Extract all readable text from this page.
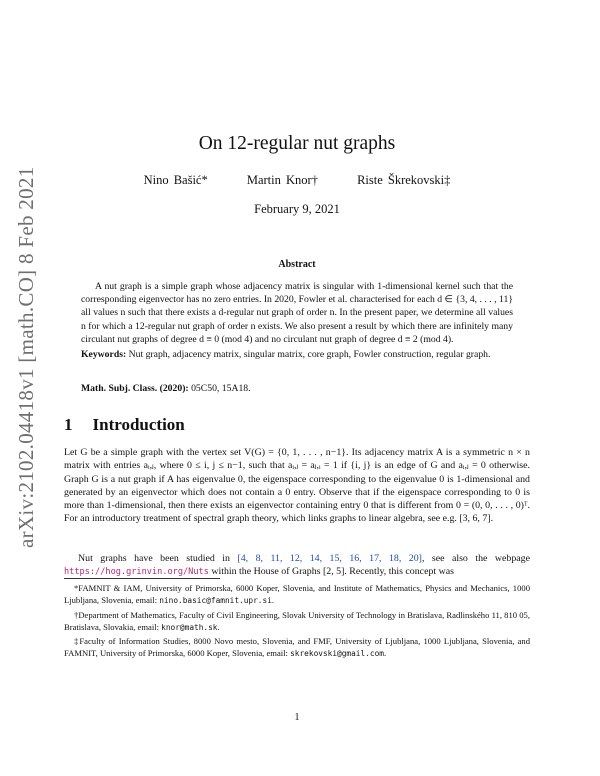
arXiv:2102.04418v1 [math.CO] 8 Feb 2021
On 12-regular nut graphs
Nino Bašić*	Martin Knor†	Riste Škrekovski‡
February 9, 2021
Abstract

A nut graph is a simple graph whose adjacency matrix is singular with 1-dimensional kernel such that the corresponding eigenvector has no zero entries. In 2020, Fowler et al. characterised for each d ∈ {3, 4, . . . , 11} all values n such that there exists a d-regular nut graph of order n. In the present paper, we determine all values n for which a 12-regular nut graph of order n exists. We also present a result by which there are infinitely many circulant nut graphs of degree d ≡ 0 (mod 4) and no circulant nut graph of degree d ≡ 2 (mod 4).

Keywords: Nut graph, adjacency matrix, singular matrix, core graph, Fowler construction, regular graph.

Math. Subj. Class. (2020): 05C50, 15A18.

1 Introduction

Let G be a simple graph with the vertex set V(G) = {0, 1, . . . , n−1}. Its adjacency matrix A is a symmetric n × n matrix with entries aᵢ,ⱼ, where 0 ≤ i, j ≤ n−1, such that aᵢ,ⱼ = aⱼ,ᵢ = 1 if {i, j} is an edge of G and aᵢ,ⱼ = 0 otherwise. Graph G is a nut graph if A has eigenvalue 0, the eigenspace corresponding to the eigenvalue 0 is 1-dimensional and generated by an eigenvector which does not contain a 0 entry. Observe that if the eigenspace corresponding to 0 is more than 1-dimensional, then there exists an eigenvector containing entry 0 that is different from 0 = (0, 0, . . . , 0)ᵀ. For an introductory treatment of spectral graph theory, which links graphs to linear algebra, see e.g. [3, 6, 7].

Nut graphs have been studied in [4, 8, 11, 12, 14, 15, 16, 17, 18, 20], see also the webpage https://hog.grinvin.org/Nuts within the House of Graphs [2, 5]. Recently, this concept was

*FAMNIT & IAM, University of Primorska, 6000 Koper, Slovenia, and Institute of Mathematics, Physics and Mechanics, 1000 Ljubljana, Slovenia, email: nino.basic@famnit.upr.si.

†Department of Mathematics, Faculty of Civil Engineering, Slovak University of Technology in Bratislava, Radlinského 11, 810 05, Bratislava, Slovakia, email: knor@math.sk.

‡Faculty of Information Studies, 8000 Novo mesto, Slovenia, and FMF, University of Ljubljana, 1000 Ljubljana, Slovenia, and FAMNIT, University of Primorska, 6000 Koper, Slovenia, email: skrekovski@gmail.com.

1
